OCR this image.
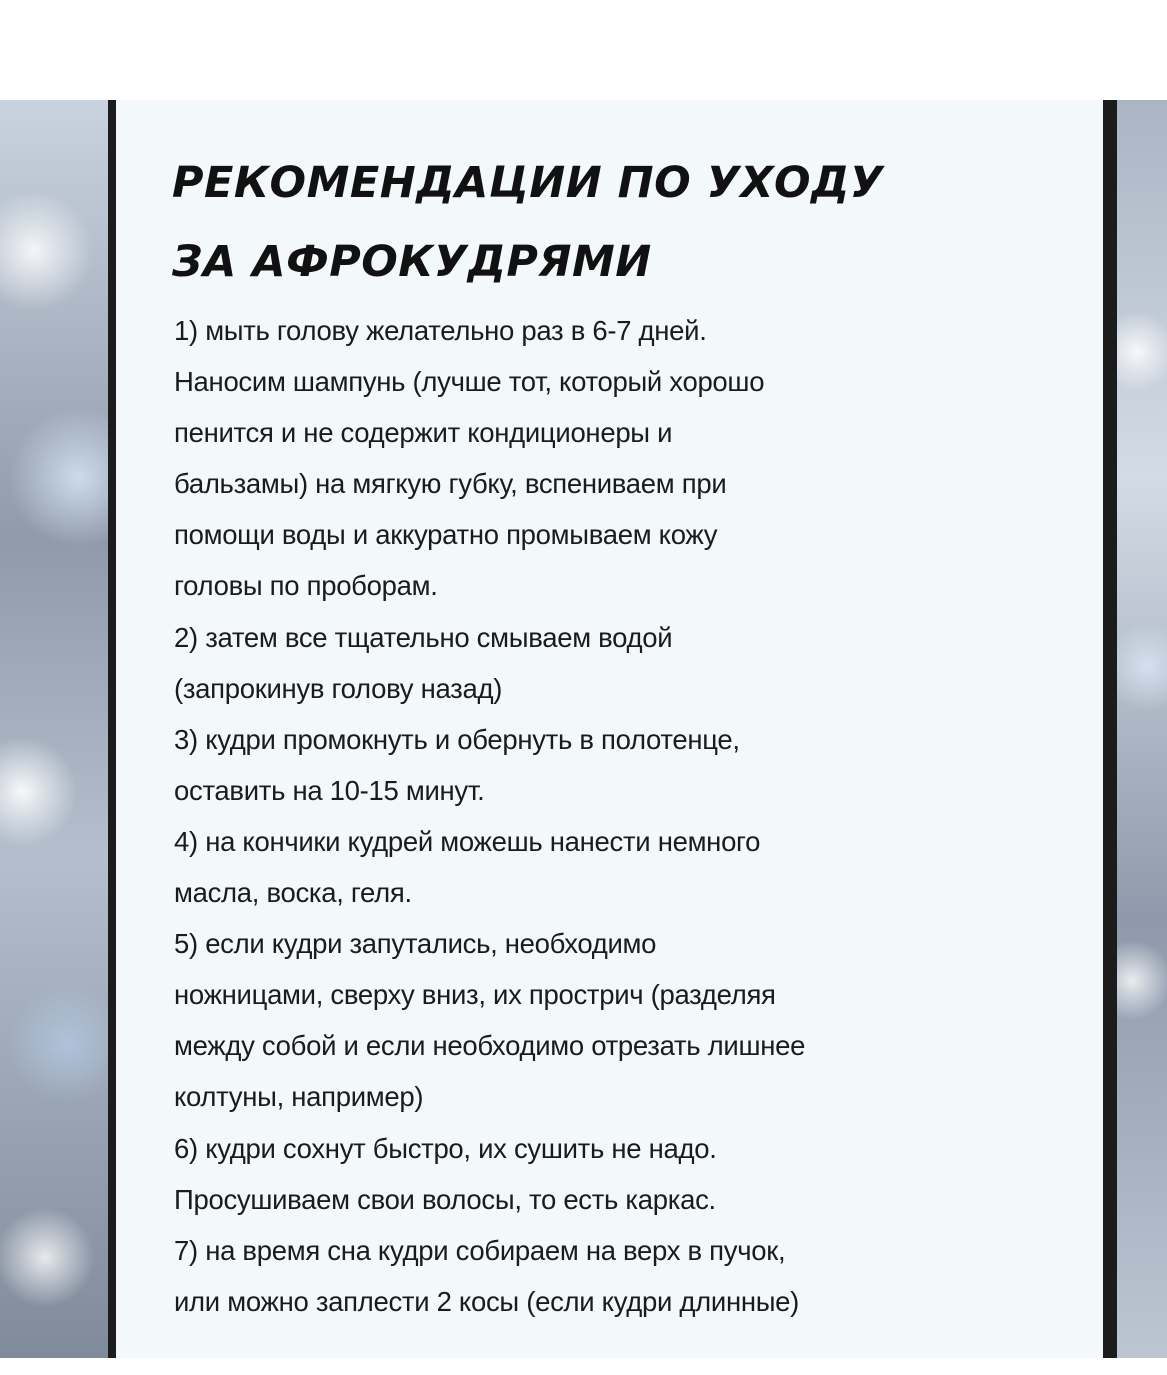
РЕКОМЕНДАЦИИ ПО УХОДУ
ЗА АФРОКУДРЯМИ
1) мыть голову желательно раз в 6-7 дней.
Наносим шампунь (лучше тот, который хорошо
пенится и не содержит кондиционеры и
бальзамы) на мягкую губку, вспениваем при
помощи воды и аккуратно промываем кожу
головы по проборам.
2) затем все тщательно смываем водой
(запрокинув голову назад)
3) кудри промокнуть и обернуть в полотенце,
оставить на 10-15 минут.
4) на кончики кудрей можешь нанести немного
масла, воска, геля.
5) если кудри запутались, необходимо
ножницами, сверху вниз, их прострич (разделяя
между собой и если необходимо отрезать лишнее
колтуны, например)
6) кудри сохнут быстро, их сушить не надо.
Просушиваем свои волосы, то есть каркас.
7) на время сна кудри собираем на верх в пучок,
или можно заплести 2 косы (если кудри длинные)
